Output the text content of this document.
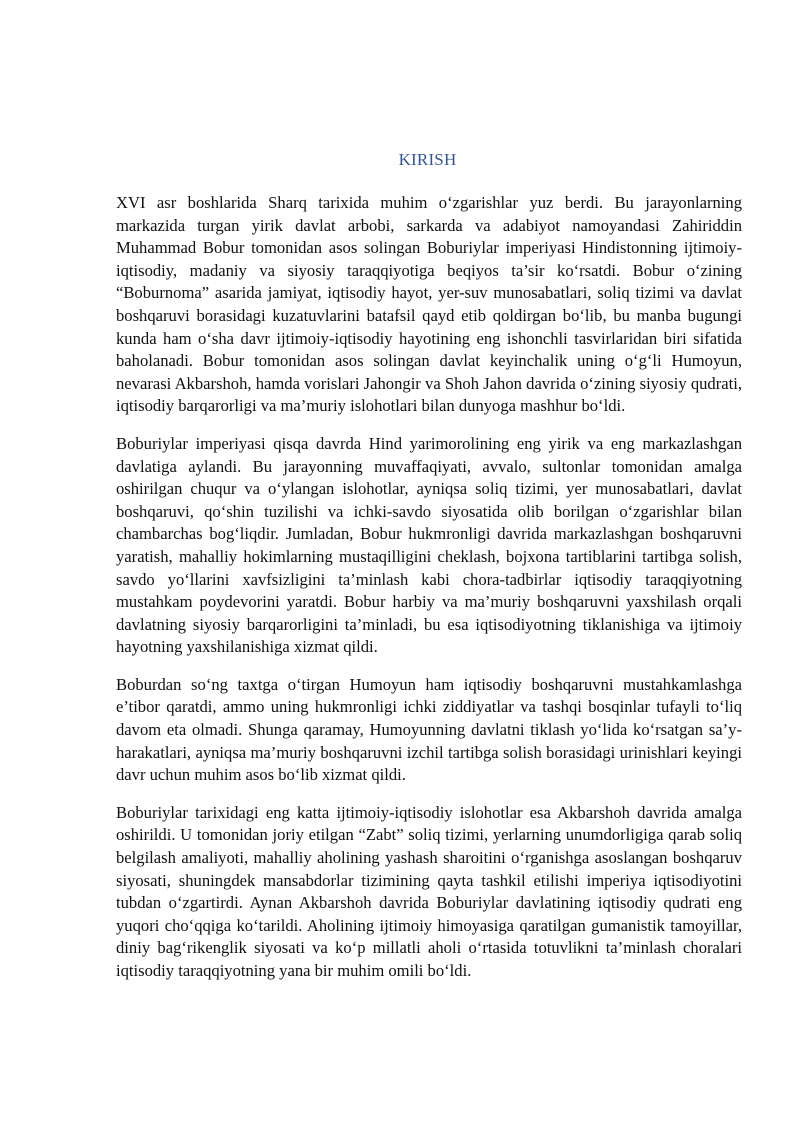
KIRISH

XVI asr boshlarida Sharq tarixida muhim o‘zgarishlar yuz berdi. Bu jarayonlarning markazida turgan yirik davlat arbobi, sarkarda va adabiyot namoyandasi Zahiriddin Muhammad Bobur tomonidan asos solingan Boburiylar imperiyasi Hindistonning ijtimoiy-iqtisodiy, madaniy va siyosiy taraqqiyotiga beqiyos ta’sir ko‘rsatdi. Bobur o‘zining “Boburnoma” asarida jamiyat, iqtisodiy hayot, yer-suv munosabatlari, soliq tizimi va davlat boshqaruvi borasidagi kuzatuvlarini batafsil qayd etib qoldirgan bo‘lib, bu manba bugungi kunda ham o‘sha davr ijtimoiy-iqtisodiy hayotining eng ishonchli tasvirlaridan biri sifatida baholanadi. Bobur tomonidan asos solingan davlat keyinchalik uning o‘g‘li Humoyun, nevarasi Akbarshoh, hamda vorislari Jahongir va Shoh Jahon davrida o‘zining siyosiy qudrati, iqtisodiy barqarorligi va ma’muriy islohotlari bilan dunyoga mashhur bo‘ldi.

Boburiylar imperiyasi qisqa davrda Hind yarimorolining eng yirik va eng markazlashgan davlatiga aylandi. Bu jarayonning muvaffaqiyati, avvalo, sultonlar tomonidan amalga oshirilgan chuqur va o‘ylangan islohotlar, ayniqsa soliq tizimi, yer munosabatlari, davlat boshqaruvi, qo‘shin tuzilishi va ichki-savdo siyosatida olib borilgan o‘zgarishlar bilan chambarchas bog‘liqdir. Jumladan, Bobur hukmronligi davrida markazlashgan boshqaruvni yaratish, mahalliy hokimlarning mustaqilligini cheklash, bojxona tartiblarini tartibga solish, savdo yo‘llarini xavfsizligini ta’minlash kabi chora-tadbirlar iqtisodiy taraqqiyotning mustahkam poydevorini yaratdi. Bobur harbiy va ma’muriy boshqaruvni yaxshilash orqali davlatning siyosiy barqarorligini ta’minladi, bu esa iqtisodiyotning tiklanishiga va ijtimoiy hayotning yaxshilanishiga xizmat qildi.

Boburdan so‘ng taxtga o‘tirgan Humoyun ham iqtisodiy boshqaruvni mustahkamlashga e’tibor qaratdi, ammo uning hukmronligi ichki ziddiyatlar va tashqi bosqinlar tufayli to‘liq davom eta olmadi. Shunga qaramay, Humoyunning davlatni tiklash yo‘lida ko‘rsatgan sa’y-harakatlari, ayniqsa ma’muriy boshqaruvni izchil tartibga solish borasidagi urinishlari keyingi davr uchun muhim asos bo‘lib xizmat qildi.

Boburiylar tarixidagi eng katta ijtimoiy-iqtisodiy islohotlar esa Akbarshoh davrida amalga oshirildi. U tomonidan joriy etilgan “Zabt” soliq tizimi, yerlarning unumdorligiga qarab soliq belgilash amaliyoti, mahalliy aholining yashash sharoitini o‘rganishga asoslangan boshqaruv siyosati, shuningdek mansabdorlar tizimining qayta tashkil etilishi imperiya iqtisodiyotini tubdan o‘zgartirdi. Aynan Akbarshoh davrida Boburiylar davlatining iqtisodiy qudrati eng yuqori cho‘qqiga ko‘tarildi. Aholining ijtimoiy himoyasiga qaratilgan gumanistik tamoyillar, diniy bag‘rikenglik siyosati va ko‘p millatli aholi o‘rtasida totuvlikni ta’minlash choralari iqtisodiy taraqqiyotning yana bir muhim omili bo‘ldi.
